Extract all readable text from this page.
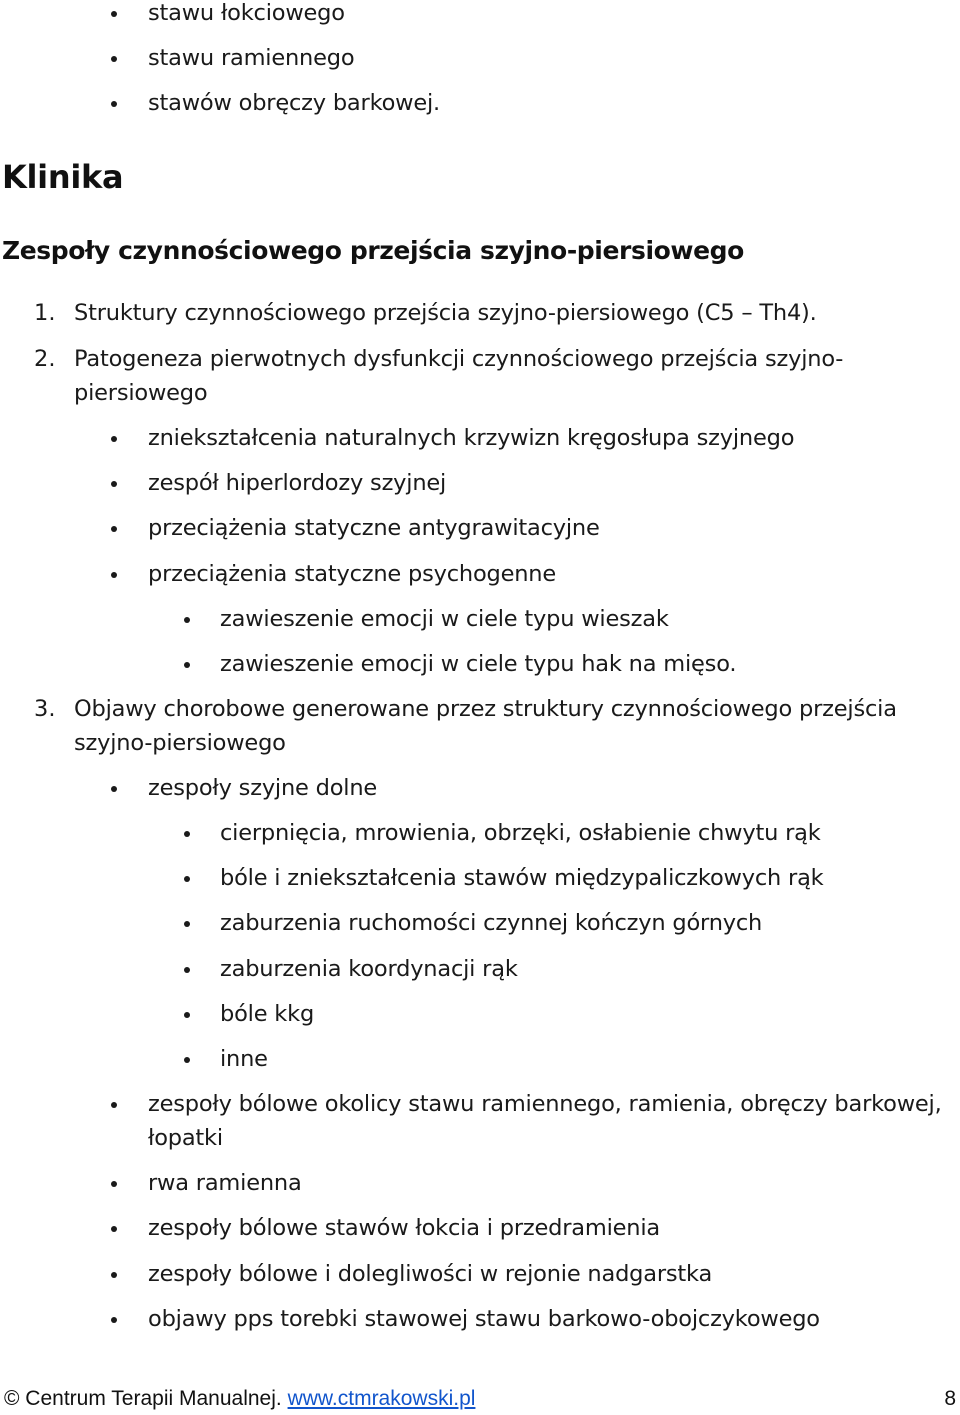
stawu łokciowego
stawu ramiennego
stawów obręczy barkowej.
Klinika
Zespoły czynnościowego przejścia szyjno-piersiowego
1. Struktury czynnościowego przejścia szyjno-piersiowego (C5 – Th4).
2. Patogeneza pierwotnych dysfunkcji czynnościowego przejścia szyjno-
piersiowego
zniekształcenia naturalnych krzywizn kręgosłupa szyjnego
zespół hiperlordozy szyjnej
przeciążenia statyczne antygrawitacyjne
przeciążenia statyczne psychogenne
zawieszenie emocji w ciele typu wieszak
zawieszenie emocji w ciele typu hak na mięso.
3. Objawy chorobowe generowane przez struktury czynnościowego przejścia
szyjno-piersiowego
zespoły szyjne dolne
cierpnięcia, mrowienia, obrzęki, osłabienie chwytu rąk
bóle i zniekształcenia stawów międzypaliczkowych rąk
zaburzenia ruchomości czynnej kończyn górnych
zaburzenia koordynacji rąk
bóle kkg
inne
zespoły bólowe okolicy stawu ramiennego, ramienia, obręczy barkowej,
łopatki
rwa ramienna
zespoły bólowe stawów łokcia i przedramienia
zespoły bólowe i dolegliwości w rejonie nadgarstka
objawy pps torebki stawowej stawu barkowo-obojczykowego
© Centrum Terapii Manualnej. www.ctmrakowski.pl	8
